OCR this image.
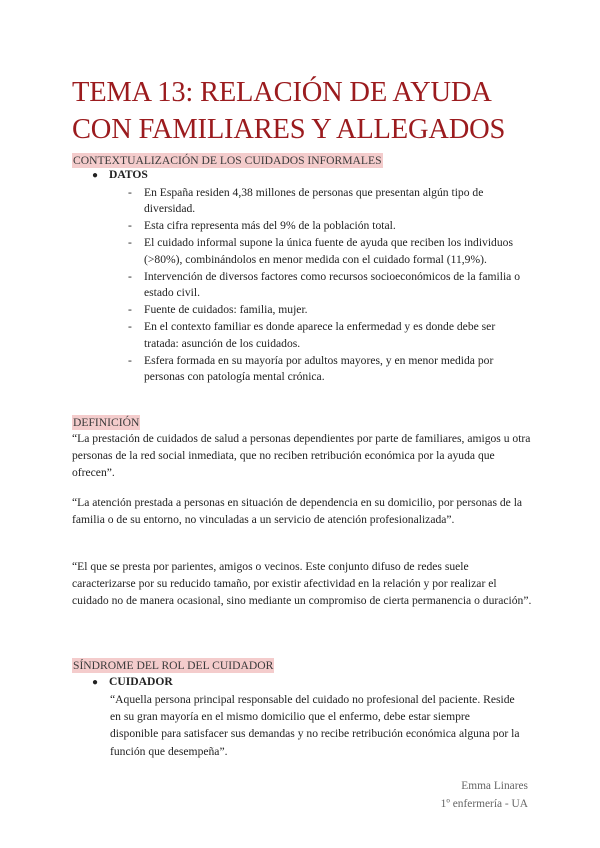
TEMA 13: RELACIÓN DE AYUDA
CON FAMILIARES Y ALLEGADOS
CONTEXTUALIZACIÓN DE LOS CUIDADOS INFORMALES
● DATOS
- En España residen 4,38 millones de personas que presentan algún tipo de diversidad.
- Esta cifra representa más del 9% de la población total.
- El cuidado informal supone la única fuente de ayuda que reciben los individuos (>80%), combinándolos en menor medida con el cuidado formal (11,9%).
- Intervención de diversos factores como recursos socioeconómicos de la familia o estado civil.
- Fuente de cuidados: familia, mujer.
- En el contexto familiar es donde aparece la enfermedad y es donde debe ser tratada: asunción de los cuidados.
- Esfera formada en su mayoría por adultos mayores, y en menor medida por personas con patología mental crónica.
DEFINICIÓN

“La prestación de cuidados de salud a personas dependientes por parte de familiares, amigos u otra personas de la red social inmediata, que no reciben retribución económica por la ayuda que ofrecen”.

“La atención prestada a personas en situación de dependencia en su domicilio, por personas de la familia o de su entorno, no vinculadas a un servicio de atención profesionalizada”.

“El que se presta por parientes, amigos o vecinos. Este conjunto difuso de redes suele caracterizarse por su reducido tamaño, por existir afectividad en la relación y por realizar el cuidado no de manera ocasional, sino mediante un compromiso de cierta permanencia o duración”.

SÍNDROME DEL ROL DEL CUIDADOR
● CUIDADOR

“Aquella persona principal responsable del cuidado no profesional del paciente. Reside en su gran mayoría en el mismo domicilio que el enfermo, debe estar siempre disponible para satisfacer sus demandas y no recibe retribución económica alguna por la función que desempeña”.

Emma Linares
1º enfermería - UA
